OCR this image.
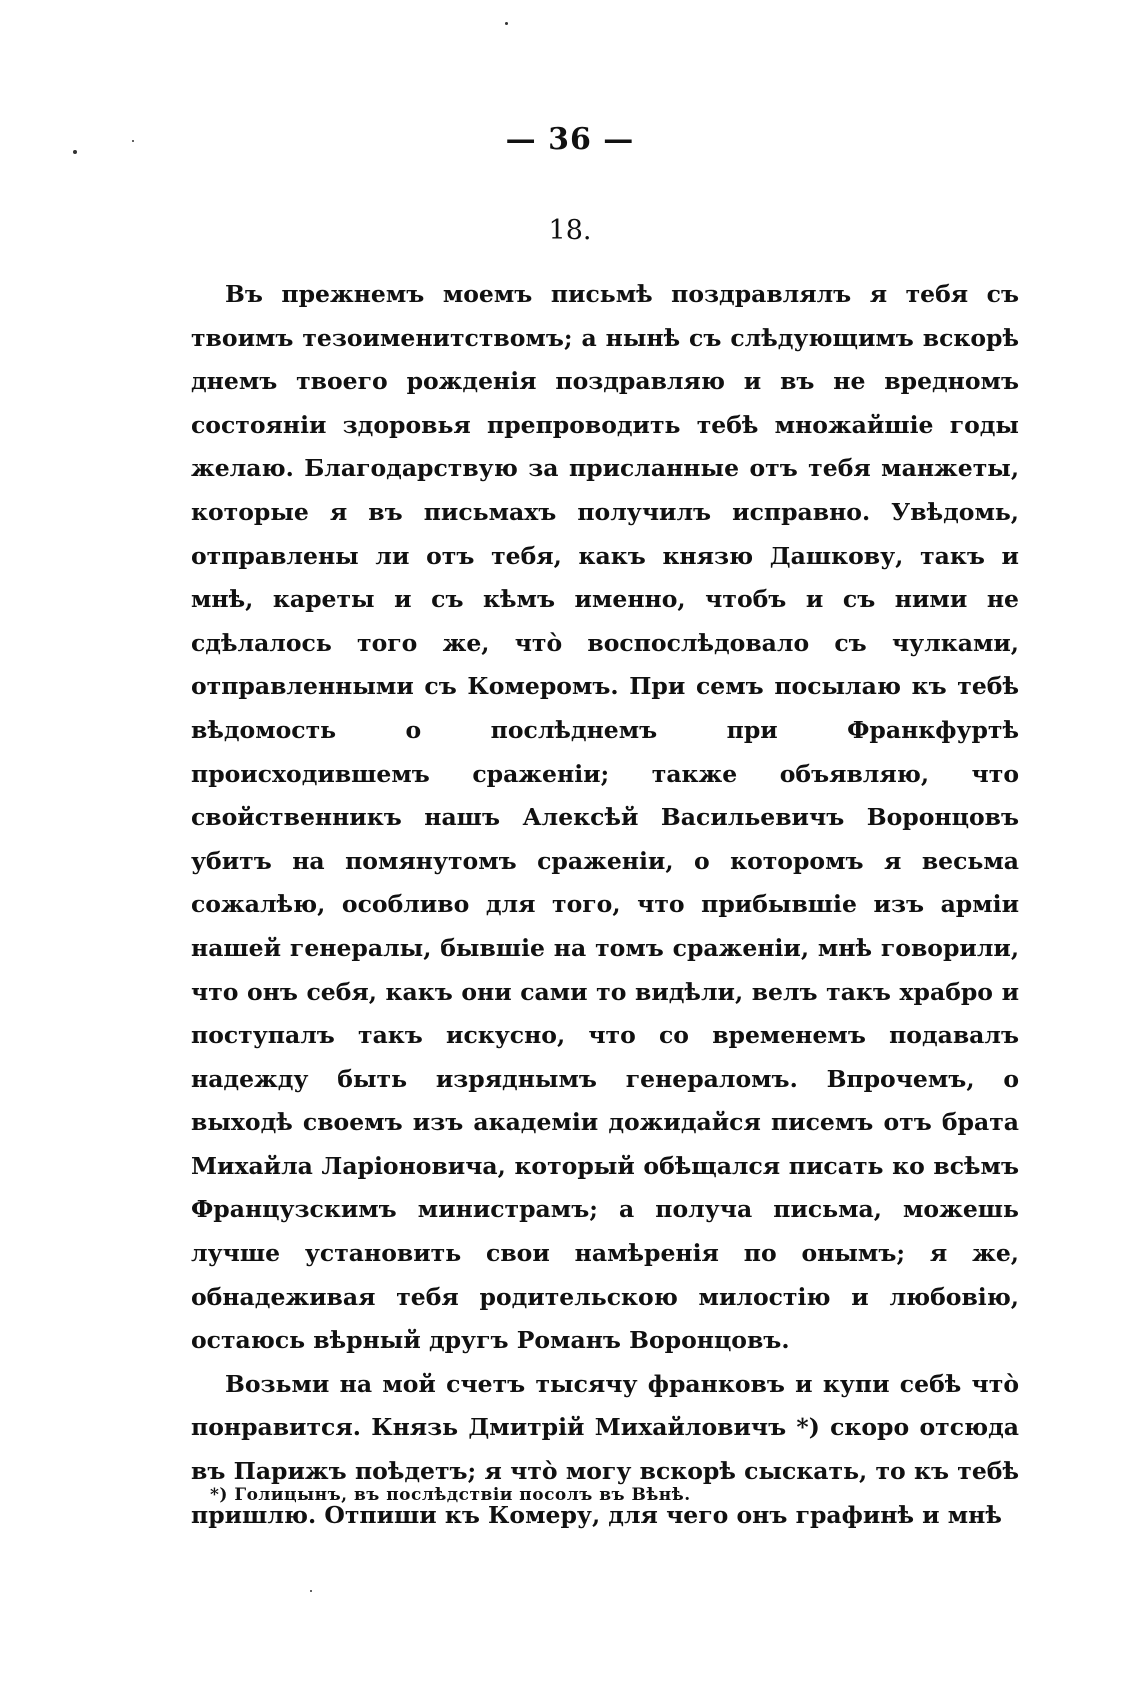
— 36 —
18.

Въ прежнемъ моемъ письмѣ поздравлялъ я тебя съ твоимъ тезоименитствомъ; а нынѣ съ слѣдующимъ вскорѣ днемъ твоего рожденія поздравляю и въ не вредномъ состояніи здоровья препроводить тебѣ множайшіе годы желаю. Благодарствую за присланные отъ тебя манжеты, которые я въ письмахъ получилъ исправно. Увѣдомь, отправлены ли отъ тебя, какъ князю Дашкову, такъ и мнѣ, кареты и съ кѣмъ именно, чтобъ и съ ними не сдѣлалось того же, что̀ воспослѣдовало съ чулками, отправленными съ Комеромъ. При семъ посылаю къ тебѣ вѣдомость о послѣднемъ при Франкфуртѣ происходившемъ сраженіи; также объявляю, что свойственникъ нашъ Алексѣй Васильевичъ Воронцовъ убитъ на помянутомъ сраженіи, о которомъ я весьма сожалѣю, особливо для того, что прибывшіе изъ арміи нашей генералы, бывшіе на томъ сраженіи, мнѣ говорили, что онъ себя, какъ они сами то видѣли, велъ такъ храбро и поступалъ такъ искусно, что со временемъ подавалъ надежду быть изряднымъ генераломъ. Впрочемъ, о выходѣ своемъ изъ академіи дожидайся писемъ отъ брата Михайла Ларіоновича, который обѣщался писать ко всѣмъ Французскимъ министрамъ; а получа письма, можешь лучше установить свои намѣренія по онымъ; я же, обнадеживая тебя родительскою милостію и любовію, остаюсь вѣрный другъ Романъ Воронцовъ.

Возьми на мой счетъ тысячу франковъ и купи себѣ что̀ понравится. Князь Дмитрій Михайловичъ *) скоро отсюда въ Парижъ поѣдетъ; я что̀ могу вскорѣ сыскать, то къ тебѣ пришлю. Отпиши къ Комеру, для чего онъ графинѣ и мнѣ

*) Голицынъ, въ послѣдствіи посолъ въ Вѣнѣ.
